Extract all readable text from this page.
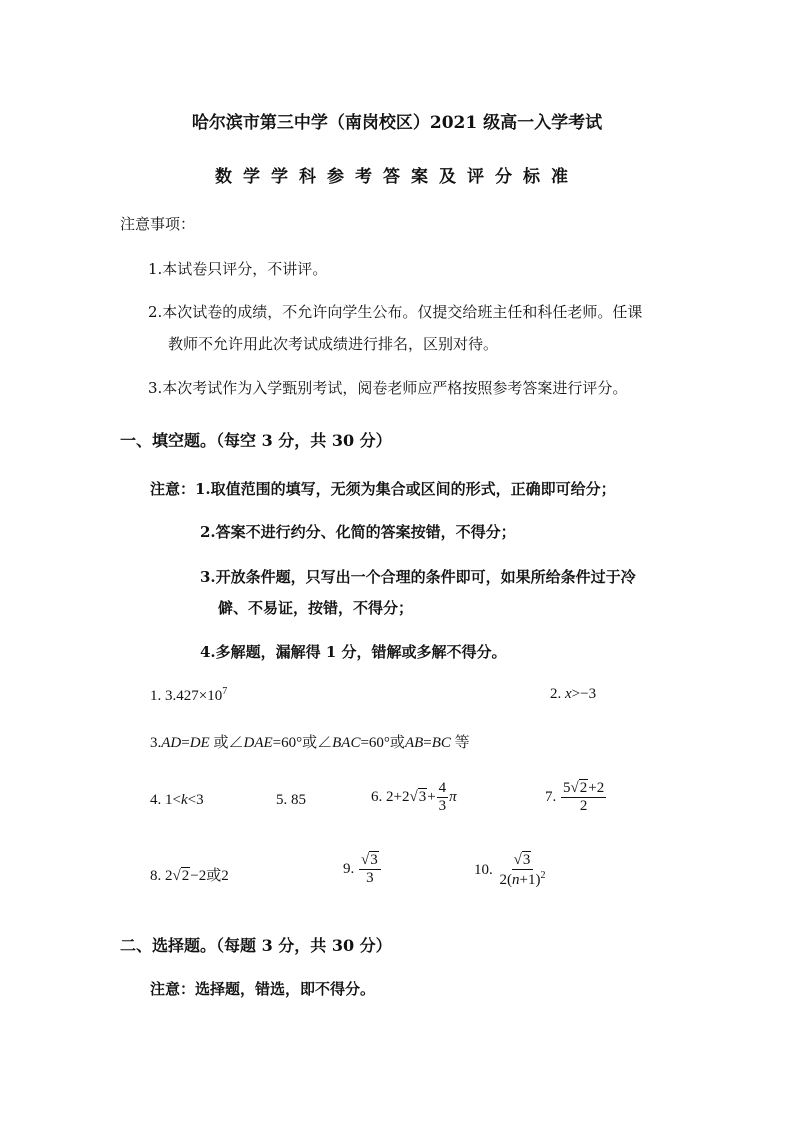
哈尔滨市第三中学（南岗校区）2021 级高一入学考试
数学学科参考答案及评分标准
注意事项：
1.本试卷只评分，不讲评。
2.本次试卷的成绩，不允许向学生公布。仅提交给班主任和科任老师。任课
教师不允许用此次考试成绩进行排名，区别对待。
3.本次考试作为入学甄别考试，阅卷老师应严格按照参考答案进行评分。
一、填空题。（每空 3 分，共 30 分）
注意：1.取值范围的填写，无须为集合或区间的形式，正确即可给分；
2.答案不进行约分、化简的答案按错，不得分；
3.开放条件题，只写出一个合理的条件即可，如果所给条件过于冷
僻、不易证，按错，不得分；
4.多解题，漏解得 1 分，错解或多解不得分。
1. $3.427\times 10^7$	2. x>−3
3.AD=DE 或∠DAE=60°或∠BAC=60°或AB=BC 等
4. 1<k<3	5. 85	6. $2+2√3+ \frac{4}{3}$ π	7. $\frac{5√2+2}{2}$
8. 2√2−2或2	9. $\frac{√3}{3}$	10. $\frac{√3}{2(n+1)^2}$
二、选择题。（每题 3 分，共 30 分）
注意：选择题，错选，即不得分。
